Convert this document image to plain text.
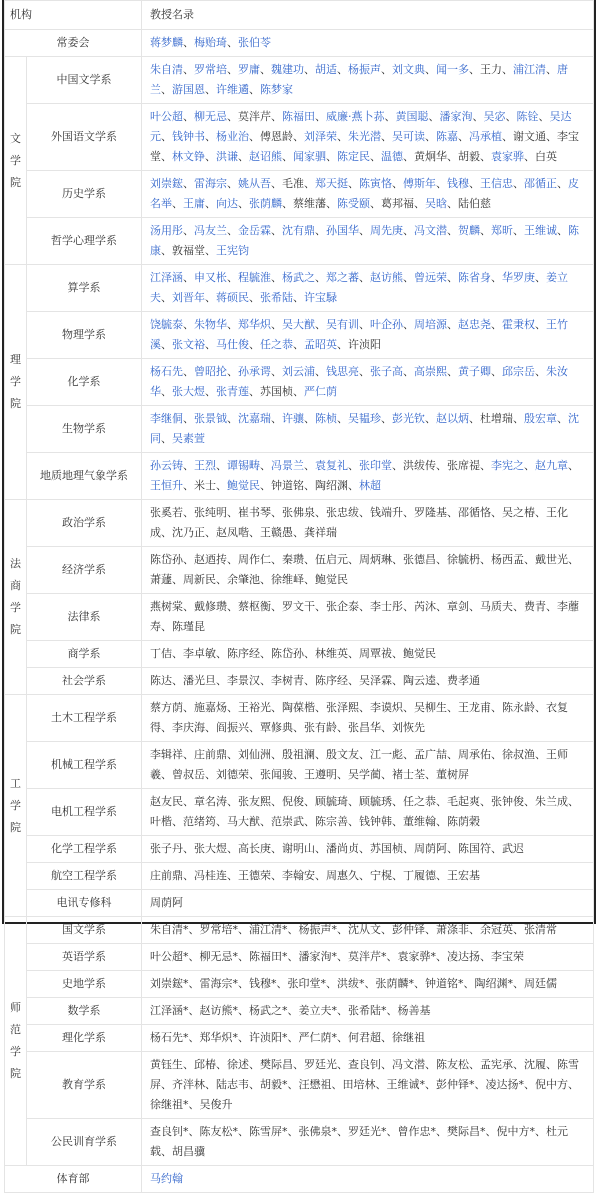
机构		教授名录
常委会		蒋梦麟、梅贻琦、张伯苓

文
学
院	中国文学系	朱自清、罗常培、罗庸、魏建功、胡适、杨振声、刘文典、闻一多、王力、浦江清、唐兰、游国恩、许维遹、陈梦家
	外国语文学系	叶公超、柳无忌、莫泮芹、陈福田、威廉·燕卜荪、黄国聪、潘家洵、吴宓、陈铨、吴达元、钱钟书、杨业治、傅恩龄、刘泽荣、朱光潜、吴可读、陈嘉、冯承植、谢文通、李宝堂、林文铮、洪谦、赵诏熊、闻家驷、陈定民、温德、黄炯华、胡毅、袁家骅、白英
	历史学系	刘崇鋐、雷海宗、姚从吾、毛准、郑天挺、陈寅恪、傅斯年、钱穆、王信忠、邵循正、皮名举、王庸、向达、张荫麟、蔡维藩、陈受颐、葛邦福、吴晗、陆伯慈
	哲学心理学系	汤用彤、冯友兰、金岳霖、沈有鼎、孙国华、周先庚、冯文潜、贺麟、郑昕、王维诚、陈康、敦福堂、王宪钧

理
学
院	算学系	江泽涵、申又枨、程毓淮、杨武之、郑之蕃、赵访熊、曾远荣、陈省身、华罗庚、姜立夫、刘晋年、蒋硕民、张希陆、许宝騄
	物理学系	饶毓泰、朱物华、郑华炽、吴大猷、吴有训、叶企孙、周培源、赵忠尧、霍秉权、王竹溪、张文裕、马仕俊、任之恭、孟昭英、许浈阳
	化学系	杨石先、曾昭抡、孙承谔、刘云浦、钱思亮、张子高、高崇熙、黄子卿、邱宗岳、朱汝华、张大煜、张青莲、苏国桢、严仁荫
	生物学系	李继侗、张景钺、沈嘉瑞、许骧、陈桢、吴韫珍、彭光钦、赵以炳、杜增瑞、殷宏章、沈同、吴素萱
	地质地理气象学系	孙云铸、王烈、谭锡畴、冯景兰、袁复礼、张印堂、洪绂传、张席禔、李宪之、赵九章、王恒升、米士、鲍觉民、钟道铭、陶绍渊、林超

法
商
学
院	政治学系	张奚若、张纯明、崔书琴、张佛泉、张忠绂、钱端升、罗隆基、邵循恪、吴之椿、王化成、沈乃正、赵凤喈、王赣愚、龚祥瑞
	经济学系	陈岱孙、赵迺抟、周作仁、秦瓒、伍启元、周炳琳、张德昌、徐毓枬、杨西孟、戴世光、萧蘧、周新民、余肇池、徐维峄、鲍觉民
	法律系	燕树棠、戴修瓒、蔡枢衡、罗文干、张企泰、李士彤、芮沐、章剑、马质夫、费青、李蘼寿、陈瑾昆
	商学系	丁佶、李卓敏、陈序经、陈岱孙、林维英、周覃祓、鲍觉民
	社会学系	陈达、潘光旦、李景汉、李树青、陈序经、吴泽霖、陶云逵、费孝通

工
学
院	土木工程学系	蔡方荫、施嘉炀、王裕光、陶葆楷、张泽熙、李谟炽、吴柳生、王龙甫、陈永龄、衣复得、李庆海、阎振兴、覃修典、张有龄、张昌华、刘恢先
	机械工程学系	李辑祥、庄前鼎、刘仙洲、殷祖澜、殷文友、江一彪、孟广喆、周承佑、徐叔渔、王师羲、曾叔岳、刘德荣、张闻骏、王遵明、吴学蔺、褚士荃、董树屏
	电机工程学系	赵友民、章名涛、张友熙、倪俊、顾毓琦、顾毓琇、任之恭、毛起爽、张钟俊、朱兰成、叶楷、范绪筠、马大猷、范崇武、陈宗善、钱钟韩、董维翰、陈荫榖
	化学工程学系	张子丹、张大煜、高长庚、谢明山、潘尚贞、苏国桢、周荫阿、陈国符、武迟
	航空工程学系	庄前鼎、冯桂连、王德荣、李翰安、周惠久、宁榥、丁履德、王宏基
	电讯专修科	周荫阿

师
范
学
院	国文学系	朱自清*、罗常培*、浦江清*、杨振声*、沈从文、彭仲铎、萧涤非、余冠英、张清常
	英语学系	叶公超*、柳无忌*、陈福田*、潘家洵*、莫泮芹*、袁家骅*、凌达扬、李宝荣
	史地学系	刘崇鋐*、雷海宗*、钱穆*、张印堂*、洪绂*、张荫麟*、钟道铭*、陶绍渊*、周廷儒
	数学系	江泽涵*、赵访熊*、杨武之*、姜立夫*、张希陆*、杨善基
	理化学系	杨石先*、郑华炽*、许浈阳*、严仁荫*、何君超、徐继祖
	教育学系	黄钰生、邱椿、徐述、樊际昌、罗廷光、查良钊、冯文潜、陈友松、孟宪承、沈履、陈雪屏、齐泮林、陆志韦、胡毅*、汪懋祖、田培林、王维诚*、彭仲铎*、凌达扬*、倪中方、徐继祖*、吴俊升
	公民训育学系	查良钊*、陈友松*、陈雪屏*、张佛泉*、罗廷光*、曾作忠*、樊际昌*、倪中方*、杜元载、胡昌骥
体育部		马约翰
